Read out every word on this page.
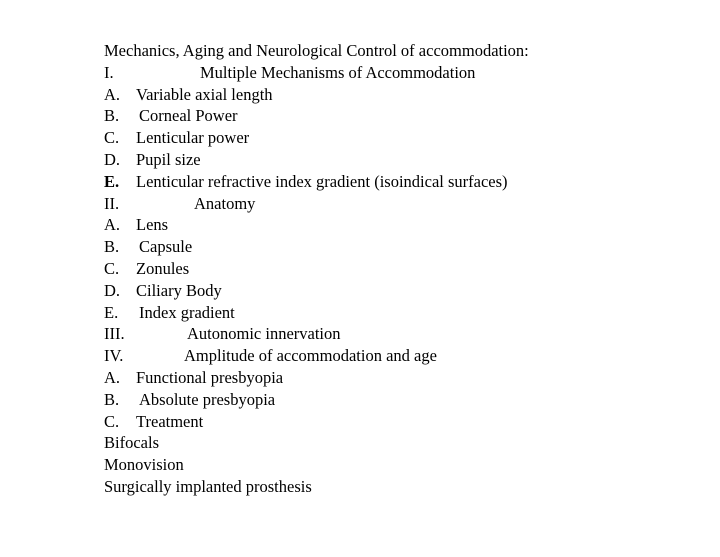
Mechanics, Aging and Neurological Control of accommodation:
I.	Multiple Mechanisms of Accommodation
A. Variable axial length
B. Corneal Power
C. Lenticular power
D. Pupil size
E. Lenticular refractive index gradient (isoindical surfaces)
II.	Anatomy
A. Lens
B. Capsule
C. Zonules
D. Ciliary Body
E. Index gradient
III.	Autonomic innervation
IV.	Amplitude of accommodation and age
A. Functional presbyopia
B. Absolute presbyopia
C. Treatment
Bifocals
Monovision
Surgically implanted prosthesis
